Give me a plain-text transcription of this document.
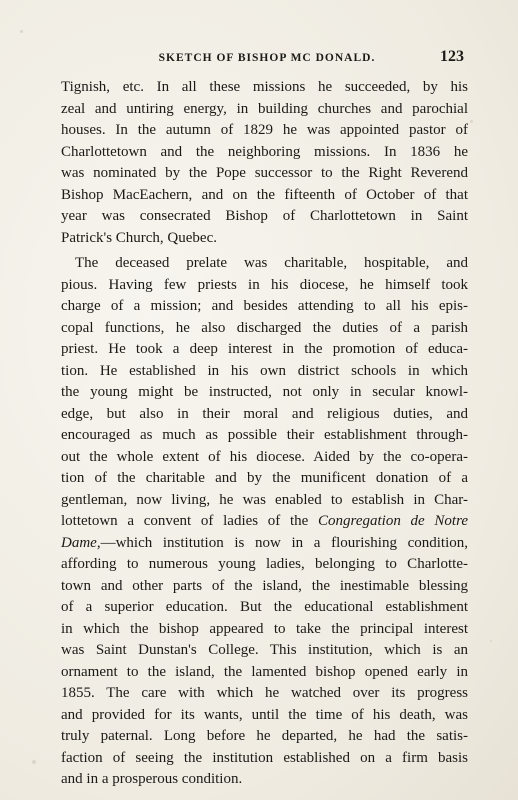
SKETCH OF BISHOP MC DONALD.	123

Tignish, etc. In all these missions he succeeded, by his
zeal and untiring energy, in building churches and parochial
houses. In the autumn of 1829 he was appointed pastor of
Charlottetown and the neighboring missions. In 1836 he
was nominated by the Pope successor to the Right Reverend
Bishop MacEachern, and on the fifteenth of October of that
year was consecrated Bishop of Charlottetown in Saint
Patrick's Church, Quebec.

The deceased prelate was charitable, hospitable, and
pious. Having few priests in his diocese, he himself took
charge of a mission; and besides attending to all his epis-
copal functions, he also discharged the duties of a parish
priest. He took a deep interest in the promotion of educa-
tion. He established in his own district schools in which
the young might be instructed, not only in secular knowl-
edge, but also in their moral and religious duties, and
encouraged as much as possible their establishment through-
out the whole extent of his diocese. Aided by the co-opera-
tion of the charitable and by the munificent donation of a
gentleman, now living, he was enabled to establish in Char-
lottetown a convent of ladies of the Congregation de Notre
Dame,—which institution is now in a flourishing condition,
affording to numerous young ladies, belonging to Charlotte-
town and other parts of the island, the inestimable blessing
of a superior education. But the educational establishment
in which the bishop appeared to take the principal interest
was Saint Dunstan's College. This institution, which is an
ornament to the island, the lamented bishop opened early in
1855. The care with which he watched over its progress
and provided for its wants, until the time of his death, was
truly paternal. Long before he departed, he had the satis-
faction of seeing the institution established on a firm basis
and in a prosperous condition.
